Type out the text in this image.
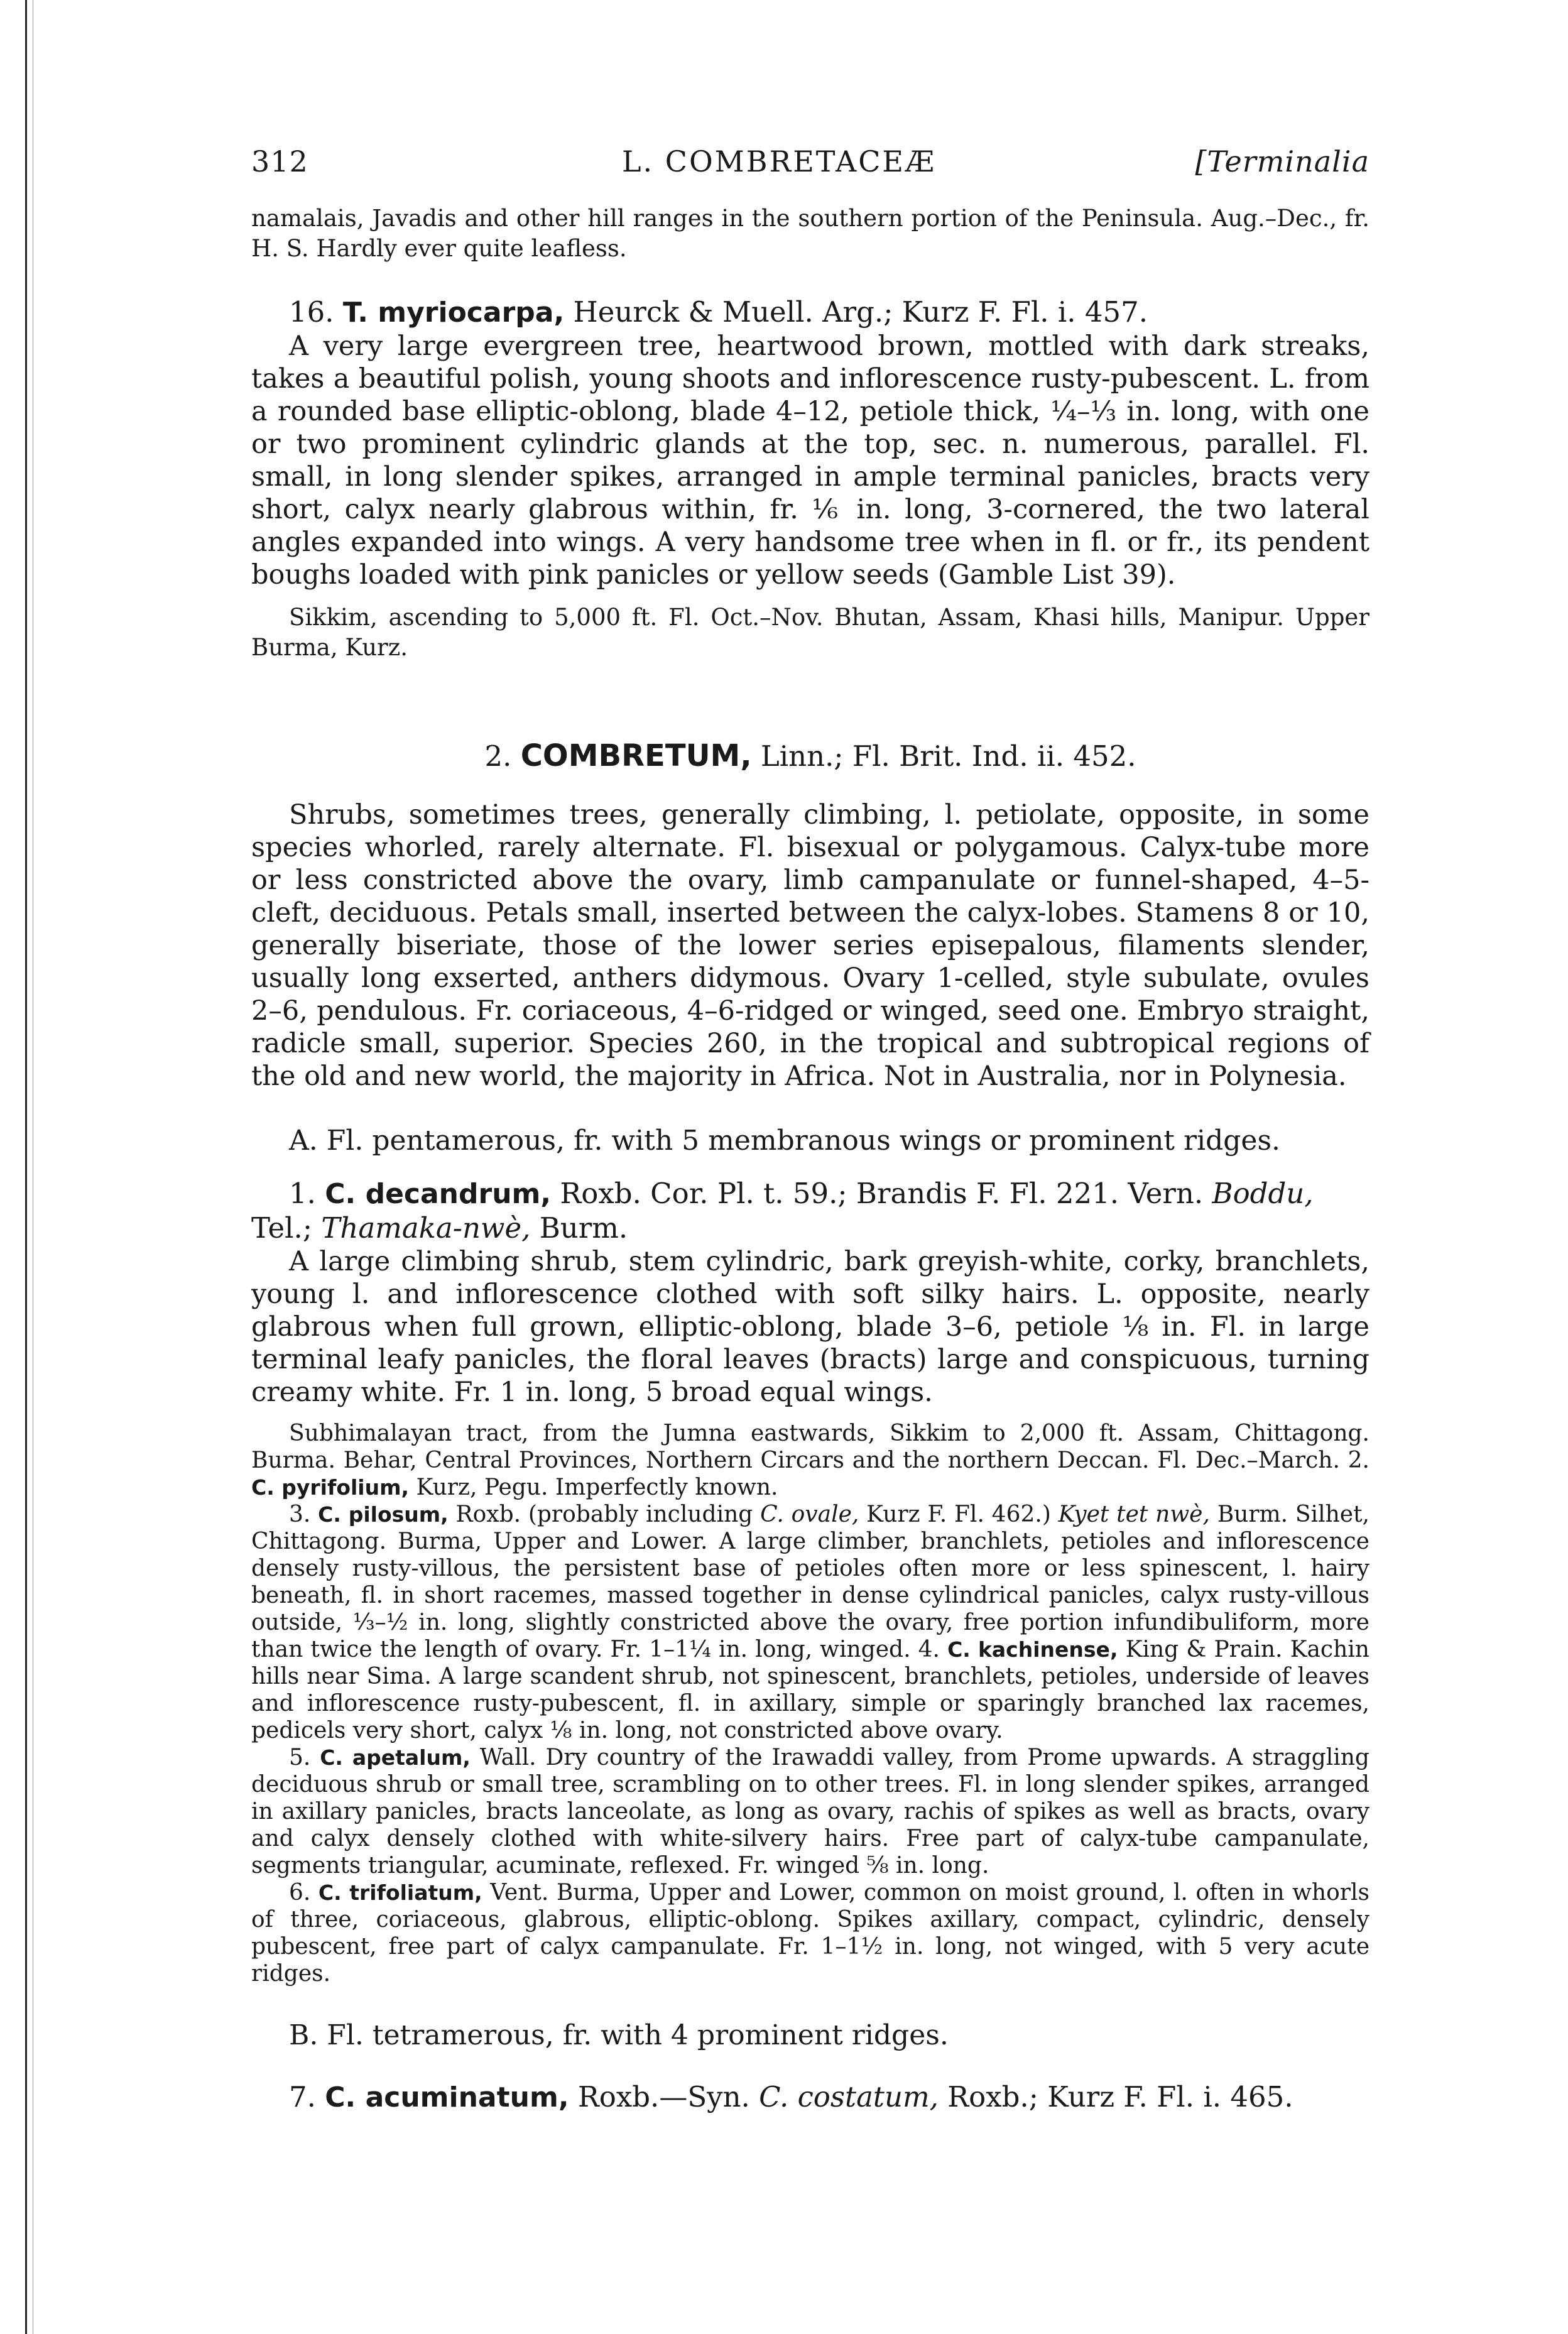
312	L. COMBRETACEÆ	[Terminalia

namalais, Javadis and other hill ranges in the southern portion of the Peninsula. Aug.–Dec., fr. H. S. Hardly ever quite leafless.

16. T. myriocarpa, Heurck & Muell. Arg.; Kurz F. Fl. i. 457.

A very large evergreen tree, heartwood brown, mottled with dark streaks, takes a beautiful polish, young shoots and inflorescence rusty-pubescent. L. from a rounded base elliptic-oblong, blade 4–12, petiole thick, ¼–⅓ in. long, with one or two prominent cylindric glands at the top, sec. n. numerous, parallel. Fl. small, in long slender spikes, arranged in ample terminal panicles, bracts very short, calyx nearly glabrous within, fr. ⅙ in. long, 3-cornered, the two lateral angles expanded into wings. A very handsome tree when in fl. or fr., its pendent boughs loaded with pink panicles or yellow seeds (Gamble List 39).

Sikkim, ascending to 5,000 ft. Fl. Oct.–Nov. Bhutan, Assam, Khasi hills, Manipur. Upper Burma, Kurz.

2. COMBRETUM, Linn.; Fl. Brit. Ind. ii. 452.

Shrubs, sometimes trees, generally climbing, l. petiolate, opposite, in some species whorled, rarely alternate. Fl. bisexual or polygamous. Calyx-tube more or less constricted above the ovary, limb campanulate or funnel-shaped, 4–5-cleft, deciduous. Petals small, inserted between the calyx-lobes. Stamens 8 or 10, generally biseriate, those of the lower series episepalous, filaments slender, usually long exserted, anthers didymous. Ovary 1-celled, style subulate, ovules 2–6, pendulous. Fr. coriaceous, 4–6-ridged or winged, seed one. Embryo straight, radicle small, superior. Species 260, in the tropical and subtropical regions of the old and new world, the majority in Africa. Not in Australia, nor in Polynesia.

A. Fl. pentamerous, fr. with 5 membranous wings or prominent ridges.

1. C. decandrum, Roxb. Cor. Pl. t. 59.; Brandis F. Fl. 221. Vern. Boddu, Tel.; Thamaka-nwè, Burm.

A large climbing shrub, stem cylindric, bark greyish-white, corky, branchlets, young l. and inflorescence clothed with soft silky hairs. L. opposite, nearly glabrous when full grown, elliptic-oblong, blade 3–6, petiole ⅛ in. Fl. in large terminal leafy panicles, the floral leaves (bracts) large and conspicuous, turning creamy white. Fr. 1 in. long, 5 broad equal wings.

Subhimalayan tract, from the Jumna eastwards, Sikkim to 2,000 ft. Assam, Chittagong. Burma. Behar, Central Provinces, Northern Circars and the northern Deccan. Fl. Dec.–March. 2. C. pyrifolium, Kurz, Pegu. Imperfectly known.

3. C. pilosum, Roxb. (probably including C. ovale, Kurz F. Fl. 462.) Kyet tet nwè, Burm. Silhet, Chittagong. Burma, Upper and Lower. A large climber, branchlets, petioles and inflorescence densely rusty-villous, the persistent base of petioles often more or less spinescent, l. hairy beneath, fl. in short racemes, massed together in dense cylindrical panicles, calyx rusty-villous outside, ⅓–½ in. long, slightly constricted above the ovary, free portion infundibuliform, more than twice the length of ovary. Fr. 1–1¼ in. long, winged. 4. C. kachinense, King & Prain. Kachin hills near Sima. A large scandent shrub, not spinescent, branchlets, petioles, underside of leaves and inflorescence rusty-pubescent, fl. in axillary, simple or sparingly branched lax racemes, pedicels very short, calyx ⅛ in. long, not constricted above ovary.

5. C. apetalum, Wall. Dry country of the Irawaddi valley, from Prome upwards. A straggling deciduous shrub or small tree, scrambling on to other trees. Fl. in long slender spikes, arranged in axillary panicles, bracts lanceolate, as long as ovary, rachis of spikes as well as bracts, ovary and calyx densely clothed with white-silvery hairs. Free part of calyx-tube campanulate, segments triangular, acuminate, reflexed. Fr. winged ⅝ in. long.

6. C. trifoliatum, Vent. Burma, Upper and Lower, common on moist ground, l. often in whorls of three, coriaceous, glabrous, elliptic-oblong. Spikes axillary, compact, cylindric, densely pubescent, free part of calyx campanulate. Fr. 1–1½ in. long, not winged, with 5 very acute ridges.

B. Fl. tetramerous, fr. with 4 prominent ridges.

7. C. acuminatum, Roxb.—Syn. C. costatum, Roxb.; Kurz F. Fl. i. 465.
